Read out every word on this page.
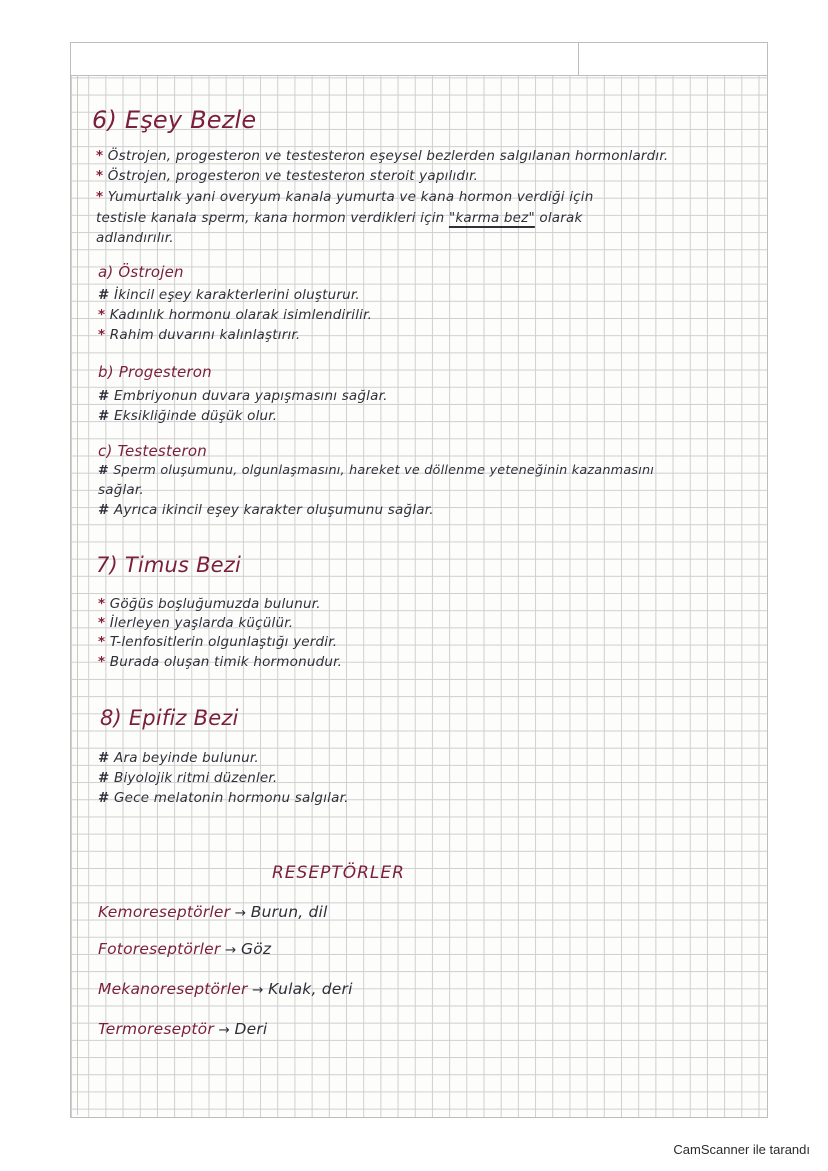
6) Eşey Bezle
* Östrojen, progesteron ve testesteron eşeysel bezlerden salgılanan hormonlardır.
* Östrojen, progesteron ve testesteron steroit yapılıdır.
* Yumurtalık yani overyum kanala yumurta ve kana hormon verdiği için
testisle kanala sperm, kana hormon verdikleri için "karma bez" olarak
adlandırılır.
a) Östrojen
# İkincil eşey karakterlerini oluşturur.
* Kadınlık hormonu olarak isimlendirilir.
* Rahim duvarını kalınlaştırır.
b) Progesteron
# Embriyonun duvara yapışmasını sağlar.
# Eksikliğinde düşük olur.
c) Testesteron
# Sperm oluşumunu, olgunlaşmasını, hareket ve döllenme yeteneğinin kazanmasını
sağlar.
# Ayrıca ikincil eşey karakter oluşumunu sağlar.
7) Timus Bezi
* Göğüs boşluğumuzda bulunur.
* İlerleyen yaşlarda küçülür.
* T-lenfositlerin olgunlaştığı yerdir.
* Burada oluşan timik hormonudur.
8) Epifiz Bezi
# Ara beyinde bulunur.
# Biyolojik ritmi düzenler.
# Gece melatonin hormonu salgılar.
RESEPTÖRLER
Kemoreseptörler → Burun, dil
Fotoreseptörler → Göz
Mekanoreseptörler → Kulak, deri
Termoreseptör → Deri
CamScanner ile tarandı
